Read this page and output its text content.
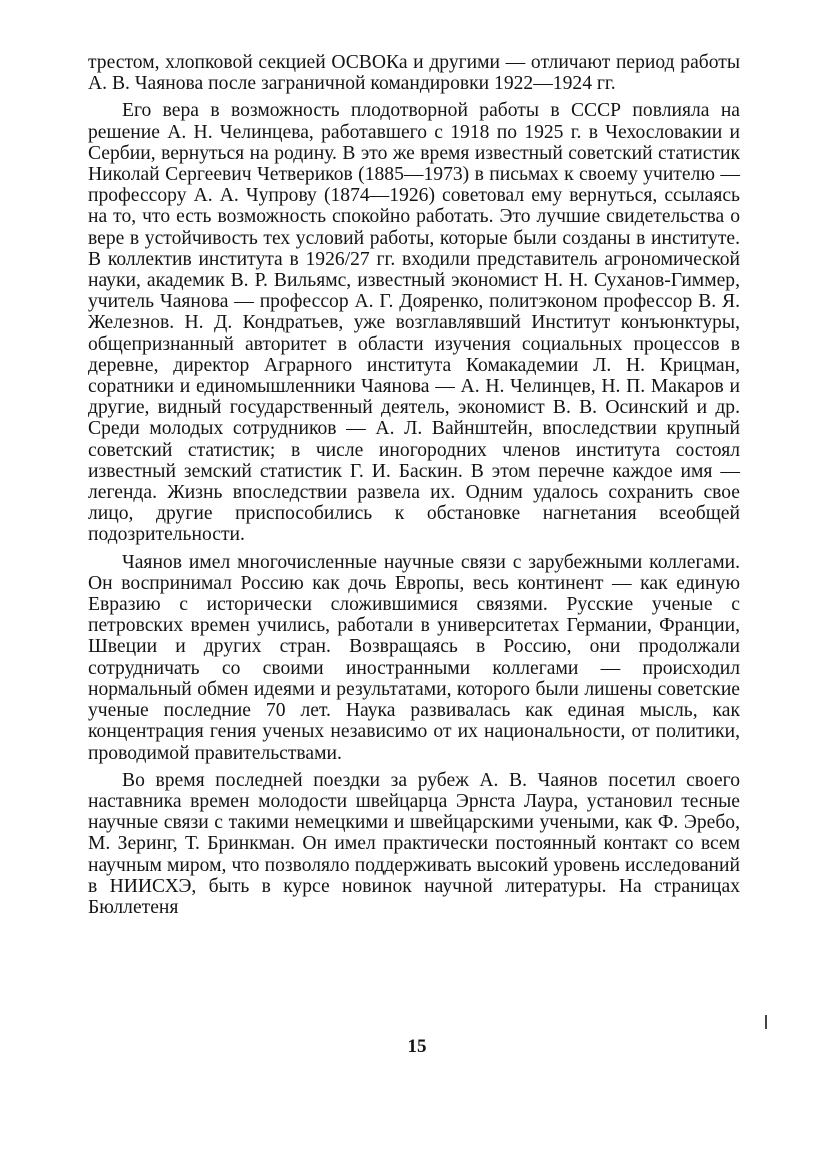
трестом, хлопковой секцией ОСВОКа и другими — отличают период работы А. В. Чаянова после заграничной командировки 1922—1924 гг.

Его вера в возможность плодотворной работы в СССР повлияла на решение А. Н. Челинцева, работавшего с 1918 по 1925 г. в Чехословакии и Сербии, вернуться на родину. В это же время известный советский статистик Николай Сергеевич Четвериков (1885—1973) в письмах к своему учителю — профессору А. А. Чупрову (1874—1926) советовал ему вернуться, ссылаясь на то, что есть возможность спокойно работать. Это лучшие свидетельства о вере в устойчивость тех условий работы, которые были созданы в институте. В коллектив института в 1926/27 гг. входили представитель агрономической науки, академик В. Р. Вильямс, известный экономист Н. Н. Суханов-Гиммер, учитель Чаянова — профессор А. Г. Дояренко, политэконом профессор В. Я. Железнов. Н. Д. Кондратьев, уже возглавлявший Институт конъюнктуры, общепризнанный авторитет в области изучения социальных процессов в деревне, директор Аграрного института Комакадемии Л. Н. Крицман, соратники и единомышленники Чаянова — А. Н. Челинцев, Н. П. Макаров и другие, видный государственный деятель, экономист В. В. Осинский и др. Среди молодых сотрудников — А. Л. Вайнштейн, впоследствии крупный советский статистик; в числе иногородних членов института состоял известный земский статистик Г. И. Баскин. В этом перечне каждое имя — легенда. Жизнь впоследствии развела их. Одним удалось сохранить свое лицо, другие приспособились к обстановке нагнетания всеобщей подозрительности.

Чаянов имел многочисленные научные связи с зарубежными коллегами. Он воспринимал Россию как дочь Европы, весь континент — как единую Евразию с исторически сложившимися связями. Русские ученые с петровских времен учились, работали в университетах Германии, Франции, Швеции и других стран. Возвращаясь в Россию, они продолжали сотрудничать со своими иностранными коллегами — происходил нормальный обмен идеями и результатами, которого были лишены советские ученые последние 70 лет. Наука развивалась как единая мысль, как концентрация гения ученых независимо от их национальности, от политики, проводимой правительствами.

Во время последней поездки за рубеж А. В. Чаянов посетил своего наставника времен молодости швейцарца Эрнста Лаура, установил тесные научные связи с такими немецкими и швейцарскими учеными, как Ф. Эребо, М. Зеринг, Т. Бринкман. Он имел практически постоянный контакт со всем научным миром, что позволяло поддерживать высокий уровень исследований в НИИСХЭ, быть в курсе новинок научной литературы. На страницах Бюллетеня

15
